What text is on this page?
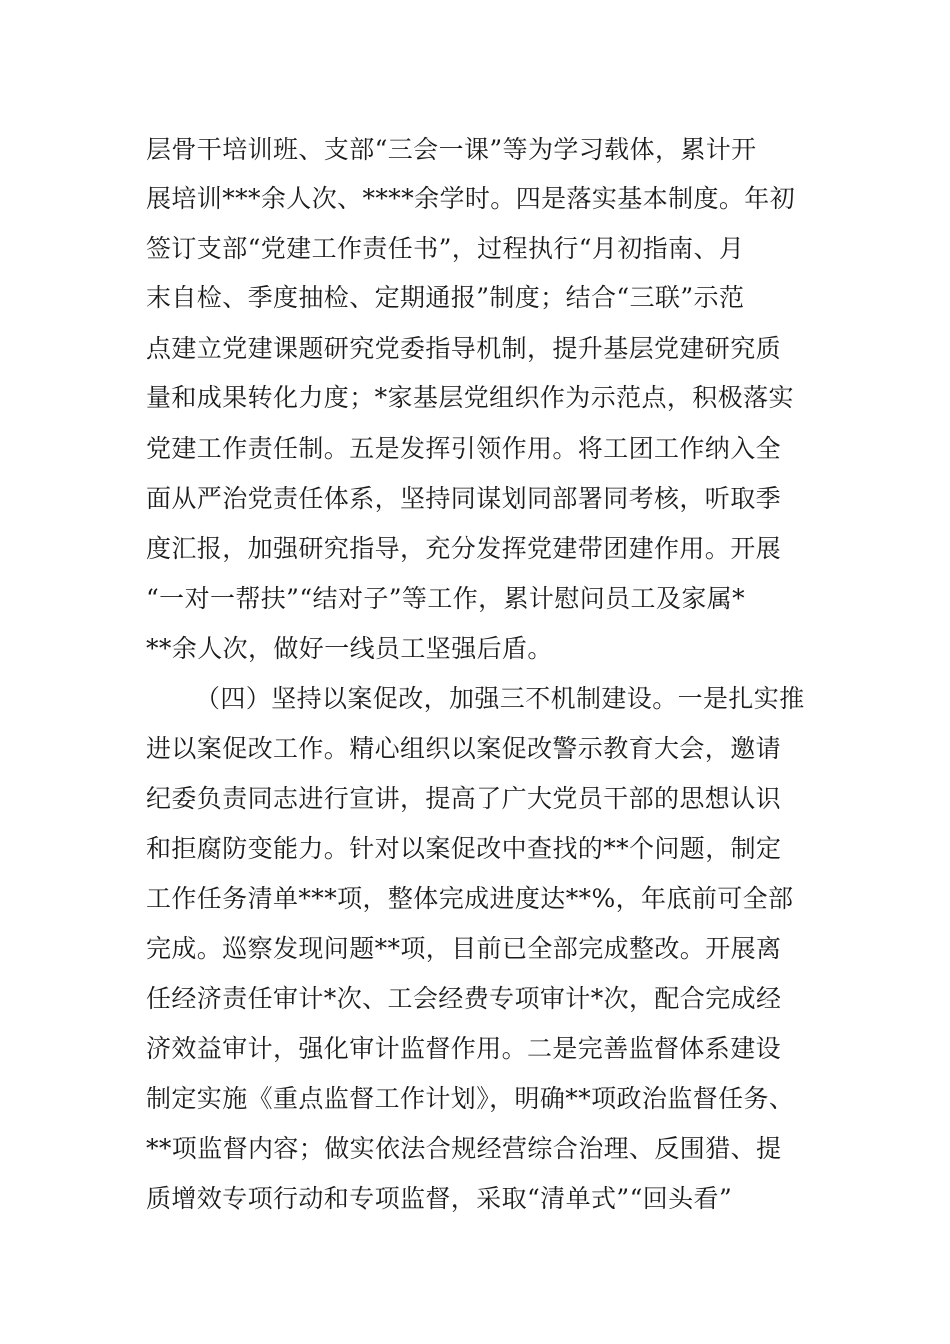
层骨干培训班、支部“三会一课”等为学习载体，累计开
展培训***余人次、****余学时。四是落实基本制度。年初
签订支部“党建工作责任书”，过程执行“月初指南、月
末自检、季度抽检、定期通报”制度；结合“三联”示范
点建立党建课题研究党委指导机制，提升基层党建研究质
量和成果转化力度；*家基层党组织作为示范点，积极落实
党建工作责任制。五是发挥引领作用。将工团工作纳入全
面从严治党责任体系，坚持同谋划同部署同考核，听取季
度汇报，加强研究指导，充分发挥党建带团建作用。开展
“一对一帮扶”“结对子”等工作，累计慰问员工及家属*
**余人次，做好一线员工坚强后盾。
（四）坚持以案促改，加强三不机制建设。一是扎实推
进以案促改工作。精心组织以案促改警示教育大会，邀请
纪委负责同志进行宣讲，提高了广大党员干部的思想认识
和拒腐防变能力。针对以案促改中查找的**个问题，制定
工作任务清单***项，整体完成进度达**%，年底前可全部
完成。巡察发现问题**项，目前已全部完成整改。开展离
任经济责任审计*次、工会经费专项审计*次，配合完成经
济效益审计，强化审计监督作用。二是完善监督体系建设
制定实施《重点监督工作计划》，明确**项政治监督任务、
**项监督内容；做实依法合规经营综合治理、反围猎、提
质增效专项行动和专项监督，采取“清单式”“回头看”
